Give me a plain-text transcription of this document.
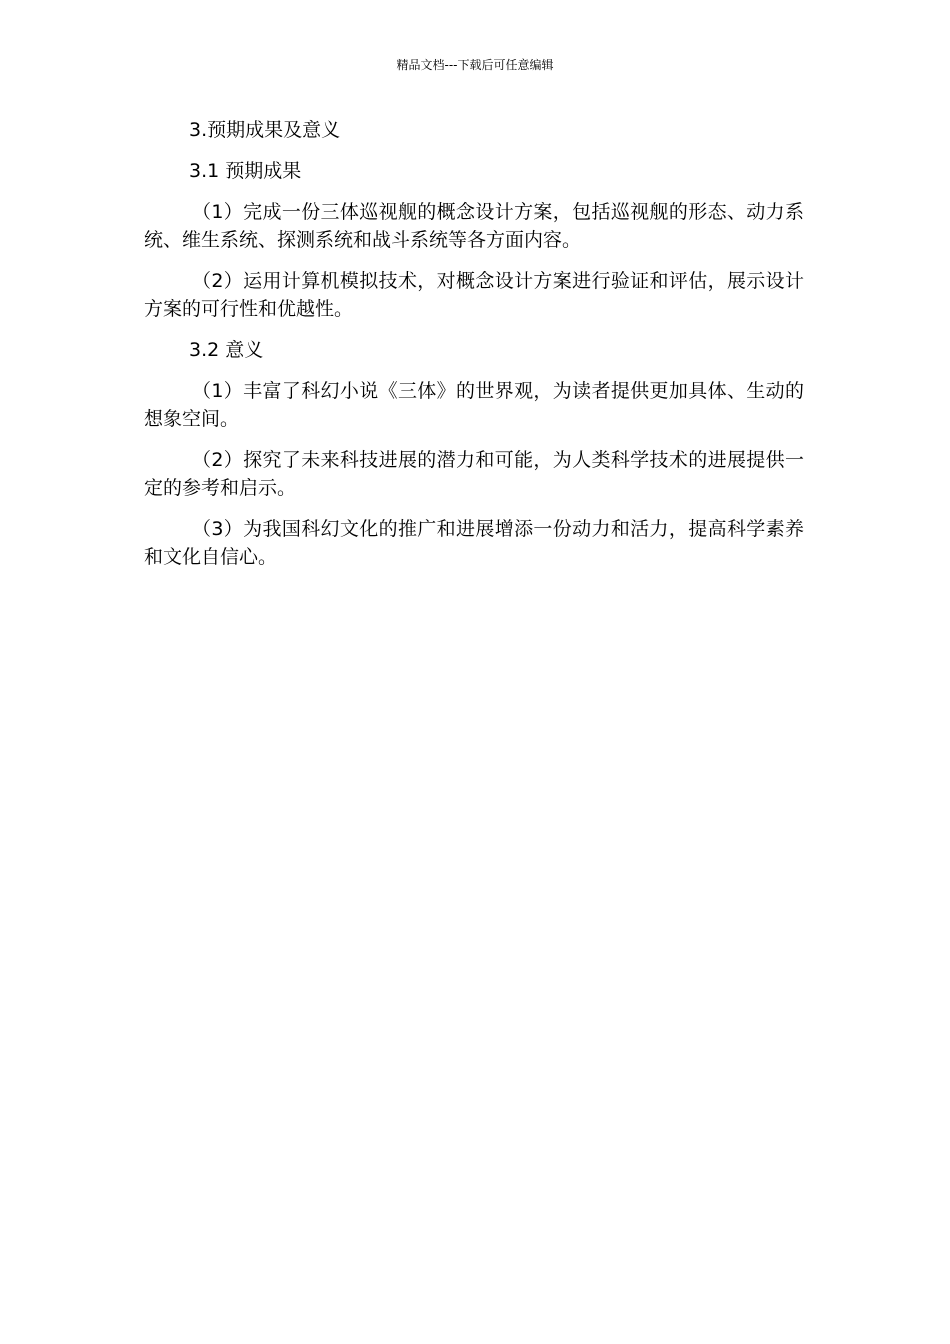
精品文档---下载后可任意编辑
3.预期成果及意义
3.1 预期成果

（1）完成一份三体巡视舰的概念设计方案，包括巡视舰的形态、动力系统、维生系统、探测系统和战斗系统等各方面内容。

（2）运用计算机模拟技术，对概念设计方案进行验证和评估，展示设计方案的可行性和优越性。

3.2 意义

（1）丰富了科幻小说《三体》的世界观，为读者提供更加具体、生动的想象空间。

（2）探究了未来科技进展的潜力和可能，为人类科学技术的进展提供一定的参考和启示。

（3）为我国科幻文化的推广和进展增添一份动力和活力，提高科学素养和文化自信心。
